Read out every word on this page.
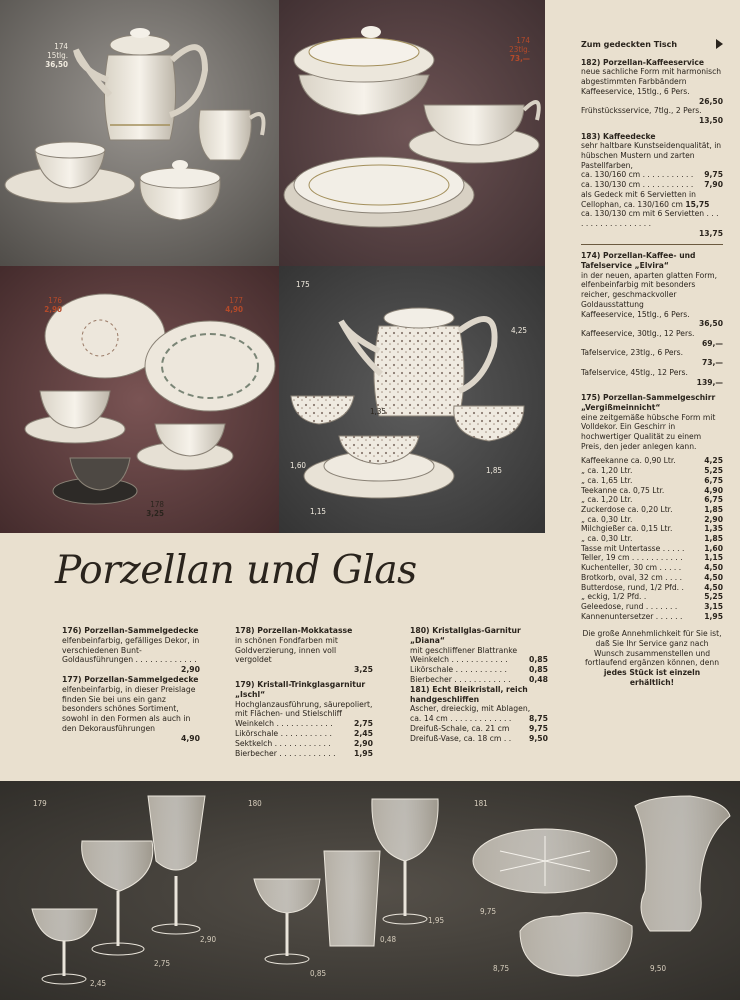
174
15tlg.
36,50
174
23tlg.
73,—
176
2,90
177
4,90
178
3,25
175
4,25
1,35
1,60
1,85
1,15
Zum gedeckten Tisch
182) Porzellan-Kaffeeservice
neue sachliche Form mit harmonisch abgestimmten Farbbändern
Kaffeeservice, 15tlg., 6 Pers.
26,50
Frühstücksservice, 7tlg., 2 Pers.
13,50
183) Kaffeedecke
sehr haltbare Kunstseidenqualität, in hübschen Mustern und zarten Pastellfarben,
ca. 130/160 cm . . . . . . . . . . . 9,75
ca. 130/130 cm . . . . . . . . . . . 7,90
als Gedeck mit 6 Servietten in Cellophan, ca. 130/160 cm 15,75
ca. 130/130 cm mit 6 Servietten . . . . . . . . . . . . . . . . . .
13,75
174) Porzellan-Kaffee- und Tafelservice „Elvira“
in der neuen, aparten glatten Form, elfenbeinfarbig mit besonders reicher, geschmackvoller Goldausstattung
Kaffeeservice, 15tlg., 6 Pers.
36,50
Kaffeeservice, 30tlg., 12 Pers.
69,—
Tafelservice, 23tlg., 6 Pers.
73,—
Tafelservice, 45tlg., 12 Pers.
139,—
175) Porzellan-Sammelgeschirr „Vergißmeinnicht“
eine zeitgemäße hübsche Form mit Volldekor. Ein Geschirr in hochwertiger Qualität zu einem Preis, den jeder anlegen kann.
Kaffeekanne ca. 0,90 Ltr.	4,25
„ ca. 1,20 Ltr.	5,25
„ ca. 1,65 Ltr.	6,75
Teekanne ca. 0,75 Ltr.	4,90
„ ca. 1,20 Ltr.	6,75
Zuckerdose ca. 0,20 Ltr.	1,85
„ ca. 0,30 Ltr.	2,90
Milchgießer ca. 0,15 Ltr.	1,35
„ ca. 0,30 Ltr.	1,85
Tasse mit Untertasse . . . . .	1,60
Teller, 19 cm . . . . . . . . . . .	1,15
Kuchenteller, 30 cm . . . . .	4,50
Brotkorb, oval, 32 cm . . . .	4,50
Butterdose, rund, 1/2 Pfd. .	4,50
„ eckig, 1/2 Pfd. .	5,25
Geleedose, rund . . . . . . .	3,15
Kannenuntersetzer . . . . . .	1,95
Die große Annehmlichkeit für Sie ist, daß Sie Ihr Service ganz nach Wunsch zusammenstellen und fortlaufend ergänzen können, denn jedes Stück ist einzeln erhältlich!
Porzellan und Glas
176) Porzellan-Sammelgedecke
elfenbeinfarbig, gefälliges Dekor, in verschiedenen Bunt-Goldausführungen . . . . . . . . . . . . .
2,90
177) Porzellan-Sammelgedecke
elfenbeinfarbig, in dieser Preislage finden Sie bei uns ein ganz besonders schönes Sortiment, sowohl in den Formen als auch in den Dekorausführungen
4,90
178) Porzellan-Mokkatasse
in schönen Fondfarben mit Goldverzierung, innen voll vergoldet
3,25
179) Kristall-Trinkglasgarnitur „Ischl“
Hochglanzausführung, säurepoliert, mit Flächen- und Stielschliff
Weinkelch . . . . . . . . . . . .	2,75
Likörschale . . . . . . . . . . .	2,45
Sektkelch . . . . . . . . . . . .	2,90
Bierbecher . . . . . . . . . . . . 1,95
180) Kristallglas-Garnitur „Diana“
mit geschliffener Blattranke
Weinkelch . . . . . . . . . . . .	0,85
Likörschale . . . . . . . . . . .	0,85
Bierbecher . . . . . . . . . . . . 0,48
181) Echt Bleikristall, reich handgeschliffen
Ascher, dreieckig, mit Ablagen,
ca. 14 cm . . . . . . . . . . . . . 8,75
Dreifuß-Schale, ca. 21 cm	9,75
Dreifuß-Vase, ca. 18 cm . . 9,50
179	180	181
2,90
2,75
2,45
0,48
0,85
1,95
9,75
8,75	9,50
